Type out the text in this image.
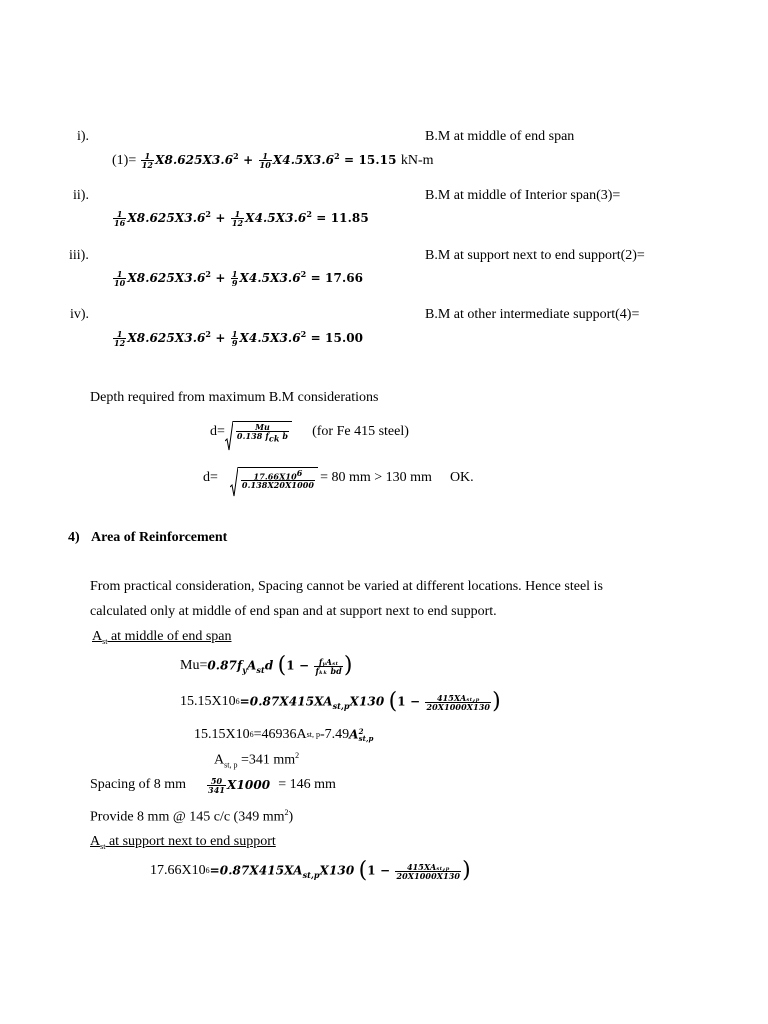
i).	B.M at middle of end span
$(1)= \frac{1}{12} X8.625X3.6^2 + \frac{1}{10} X4.5X3.6^2 = 15.15$ kN-m
ii).	B.M at middle of Interior span(3)=
$\frac{1}{16} X8.625X3.6^2 + \frac{1}{12} X4.5X3.6^2 = 11.85$
iii).	B.M at support next to end support(2)=
$\frac{1}{10} X8.625X3.6^2 + \frac{1}{9} X4.5X3.6^2 = 17.66$
iv).	B.M at other intermediate support(4)=
$\frac{1}{12} X8.625X3.6^2 + \frac{1}{9} X4.5X3.6^2 = 15.00$
Depth required from maximum B.M considerations
$d= \frac{Mu}{\text{0.138 fck b}} (for$ Fe 415 steel)
d=	$\frac{17.66X106}{0.138X20X1000} = 80$ mm > 130 mm OK.
4) Area of Reinforcement
From practical consideration, Spacing cannot be varied at different locations. Hence steel is
calculated only at middle of end span and at support next to end support.
$A_{st}$ at middle of end span
$Mu= 0.87f_yA_{st}d$ ($1 - \frac{\text{fᵧAₛₜ}}{\text{fₖₖ bd}}$ )
15.15X10 $6 =0.87X415XA_{st,p}X130$ ($1 - \frac{\text{415XAₛₜ,ₚ}}{20X1000X130}$ )
15.15X10 6 =46936A st, p -7.49 A 2
st,p
$A_{st, p} =341$ $mm^2$
Spacing of 8 mm	$\frac{50}{341} X1000 = 146$ mm
Provide 8 mm @ 145 c/c (349 $mm^2$)
$A_{st}$ at support next to end support
17.66X10 $6 =0.87X415XA_{st,p}X130$ ($1 - \frac{\text{415XAₛₜ,ₚ}}{20X1000X130}$ )
